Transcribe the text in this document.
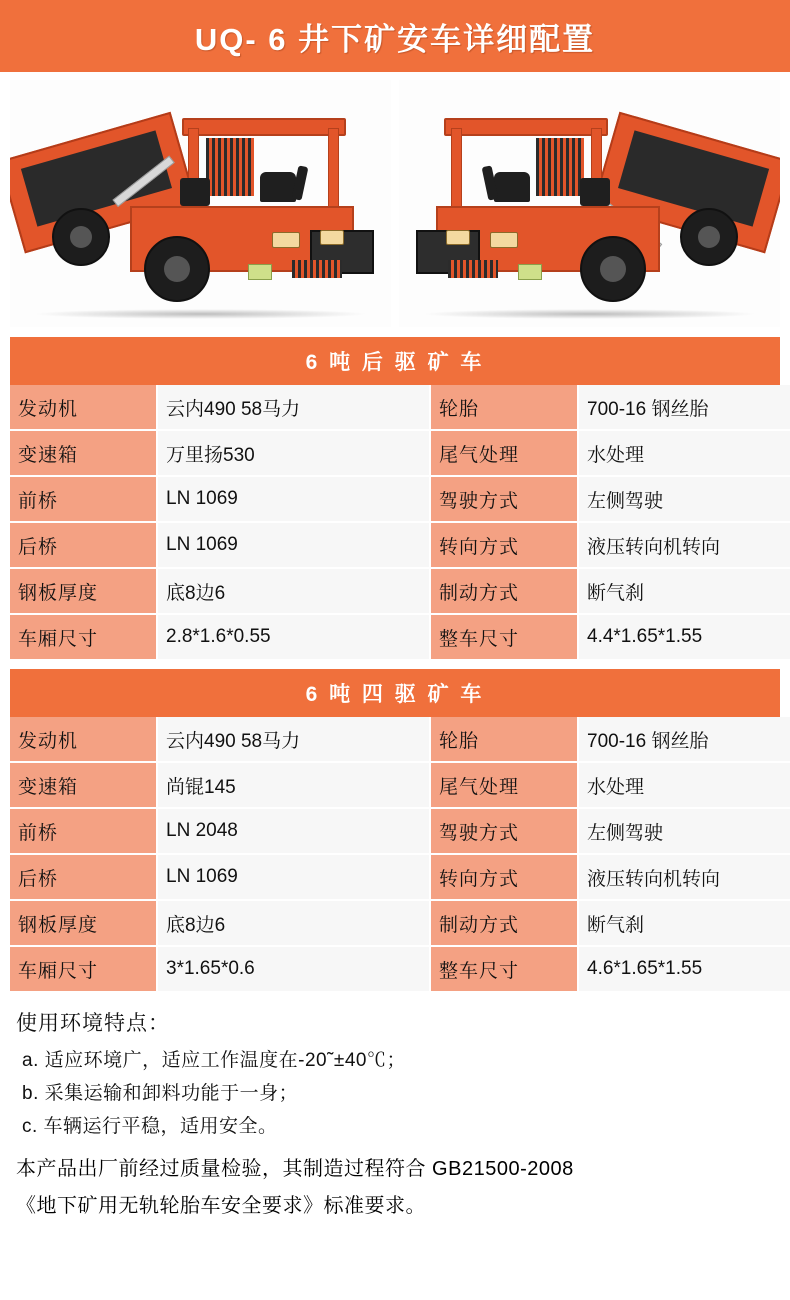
UQ- 6 井下矿安车详细配置
6 吨 后 驱 矿 车
发动机	云内490 58马力	轮胎	700-16 钢丝胎
变速箱	万里扬530	尾气处理	水处理
前桥	LN 1069	驾驶方式	左侧驾驶
后桥	LN 1069	转向方式	液压转向机转向
钢板厚度	底8边6	制动方式	断气刹
车厢尺寸	2.8*1.6*0.55	整车尺寸	4.4*1.65*1.55
6 吨 四 驱 矿 车
发动机	云内490 58马力	轮胎	700-16 钢丝胎
变速箱	尚锟145	尾气处理	水处理
前桥	LN 2048	驾驶方式	左侧驾驶
后桥	LN 1069	转向方式	液压转向机转向
钢板厚度	底8边6	制动方式	断气刹
车厢尺寸	3*1.65*0.6	整车尺寸	4.6*1.65*1.55
使用环境特点：
a. 适应环境广，适应工作温度在-20˜±40℃；
b. 采集运输和卸料功能于一身；
c. 车辆运行平稳，适用安全。
本产品出厂前经过质量检验，其制造过程符合 GB21500-2008
《地下矿用无轨轮胎车安全要求》标准要求。
